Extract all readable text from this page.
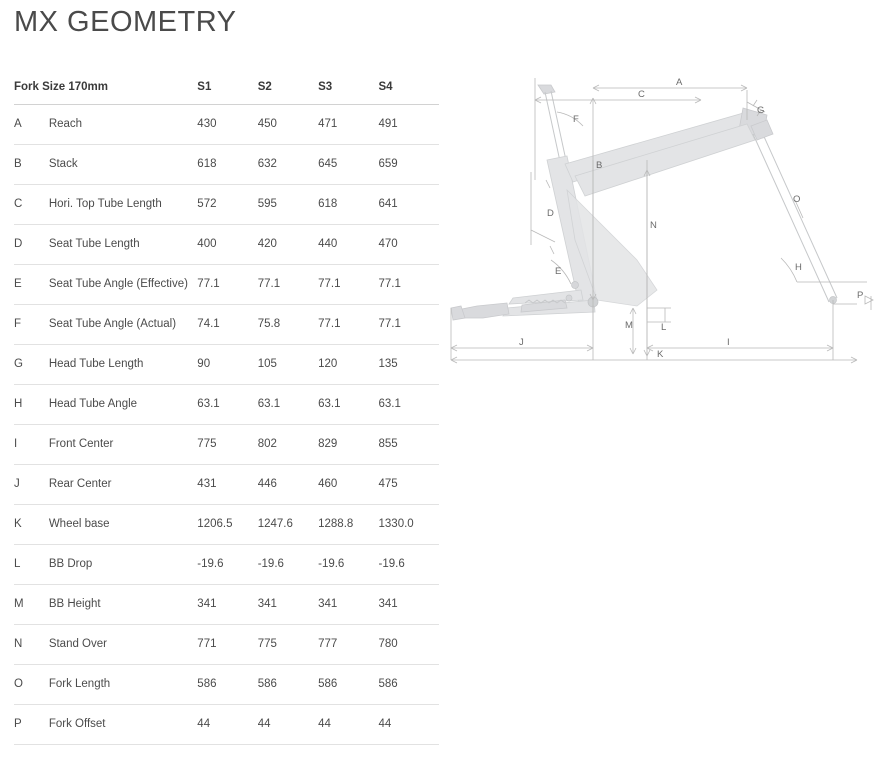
MX GEOMETRY
Fork Size 170mm		S1	S2	S3	S4
A	Reach	430	450	471	491
B	Stack	618	632	645	659
C	Hori. Top Tube Length	572	595	618	641
D	Seat Tube Length	400	420	440	470
E	Seat Tube Angle (Effective)	77.1	77.1	77.1	77.1
F	Seat Tube Angle (Actual)	74.1	75.8	77.1	77.1
G	Head Tube Length	90	105	120	135
H	Head Tube Angle	63.1	63.1	63.1	63.1
I	Front Center	775	802	829	855
J	Rear Center	431	446	460	475
K	Wheel base	1206.5	1247.6	1288.8	1330.0
L	BB Drop	-19.6	-19.6	-19.6	-19.6
M	BB Height	341	341	341	341
N	Stand Over	771	775	777	780
O	Fork Length	586	586	586	586
P	Fork Offset	44	44	44	44
A
C
B
N
F
D
E
G
O
H
P
L
M
J	I
K
